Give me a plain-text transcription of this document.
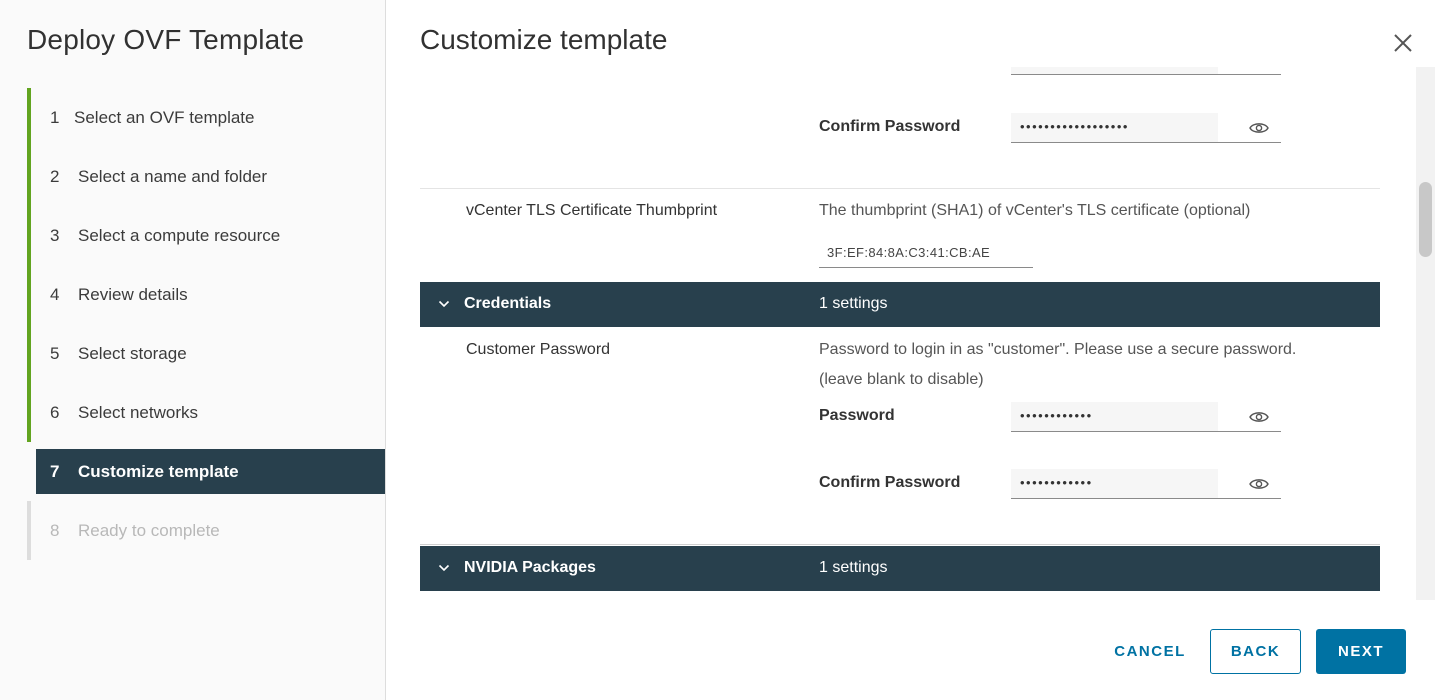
Deploy OVF Template
1 Select an OVF template
2	Select a name and folder
3	Select a compute resource
4	Review details
5	Select storage
6	Select networks
7	Customize template
8	Ready to complete
Customize template
Confirm Password	••••••••••••••••••
vCenter TLS Certificate Thumbprint	The thumbprint (SHA1) of vCenter's TLS certificate (optional)
3F:EF:84:8A:C3:41:CB:AE
Credentials	1 settings
Customer Password	Password to login in as "customer". Please use a secure password.
(leave blank to disable)
Password	••••••••••••
Confirm Password	••••••••••••
NVIDIA Packages	1 settings
CANCEL	BACK	NEXT
